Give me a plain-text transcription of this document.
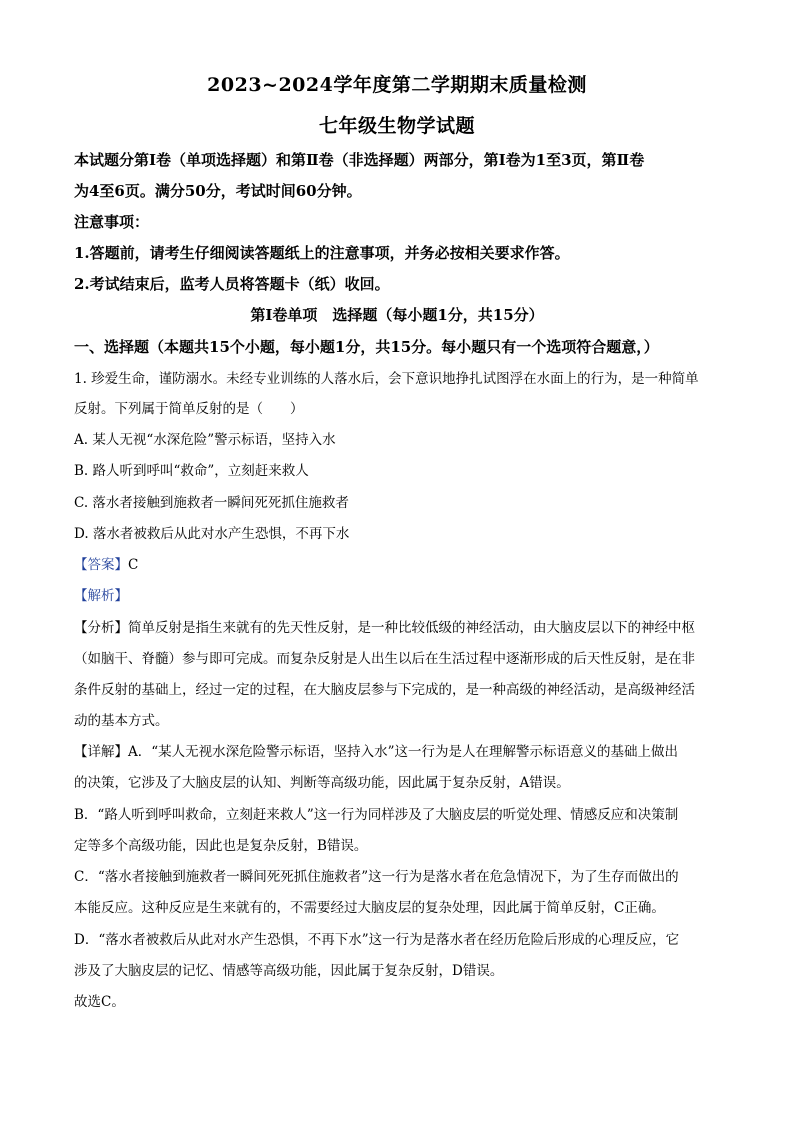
2023~2024学年度第二学期期末质量检测
七年级生物学试题
本试题分第Ⅰ卷（单项选择题）和第Ⅱ卷（非选择题）两部分，第Ⅰ卷为1至3页，第Ⅱ卷
为4至6页。满分50分，考试时间60分钟。
注意事项：
1.答题前，请考生仔细阅读答题纸上的注意事项，并务必按相关要求作答。
2.考试结束后，监考人员将答题卡（纸）收回。
第Ⅰ卷单项　选择题（每小题1分，共15分）
一、选择题（本题共15个小题，每小题1分，共15分。每小题只有一个选项符合题意，）
1. 珍爱生命，谨防溺水。未经专业训练的人落水后，会下意识地挣扎试图浮在水面上的行为，是一种简单
反射。下列属于简单反射的是（　　）
A. 某人无视“水深危险”警示标语，坚持入水
B. 路人听到呼叫“救命”，立刻赶来救人
C. 落水者接触到施救者一瞬间死死抓住施救者
D. 落水者被救后从此对水产生恐惧，不再下水
【答案】C
【解析】
【分析】简单反射是指生来就有的先天性反射，是一种比较低级的神经活动，由大脑皮层以下的神经中枢
（如脑干、脊髓）参与即可完成。而复杂反射是人出生以后在生活过程中逐渐形成的后天性反射，是在非
条件反射的基础上，经过一定的过程，在大脑皮层参与下完成的，是一种高级的神经活动，是高级神经活
动的基本方式。
【详解】A．“某人无视水深危险警示标语，坚持入水”这一行为是人在理解警示标语意义的基础上做出
的决策，它涉及了大脑皮层的认知、判断等高级功能，因此属于复杂反射，A错误。
B．“路人听到呼叫救命，立刻赶来救人”这一行为同样涉及了大脑皮层的听觉处理、情感反应和决策制
定等多个高级功能，因此也是复杂反射，B错误。
C．“落水者接触到施救者一瞬间死死抓住施救者”这一行为是落水者在危急情况下，为了生存而做出的
本能反应。这种反应是生来就有的，不需要经过大脑皮层的复杂处理，因此属于简单反射，C正确。
D．“落水者被救后从此对水产生恐惧，不再下水”这一行为是落水者在经历危险后形成的心理反应，它
涉及了大脑皮层的记忆、情感等高级功能，因此属于复杂反射，D错误。
故选C。
